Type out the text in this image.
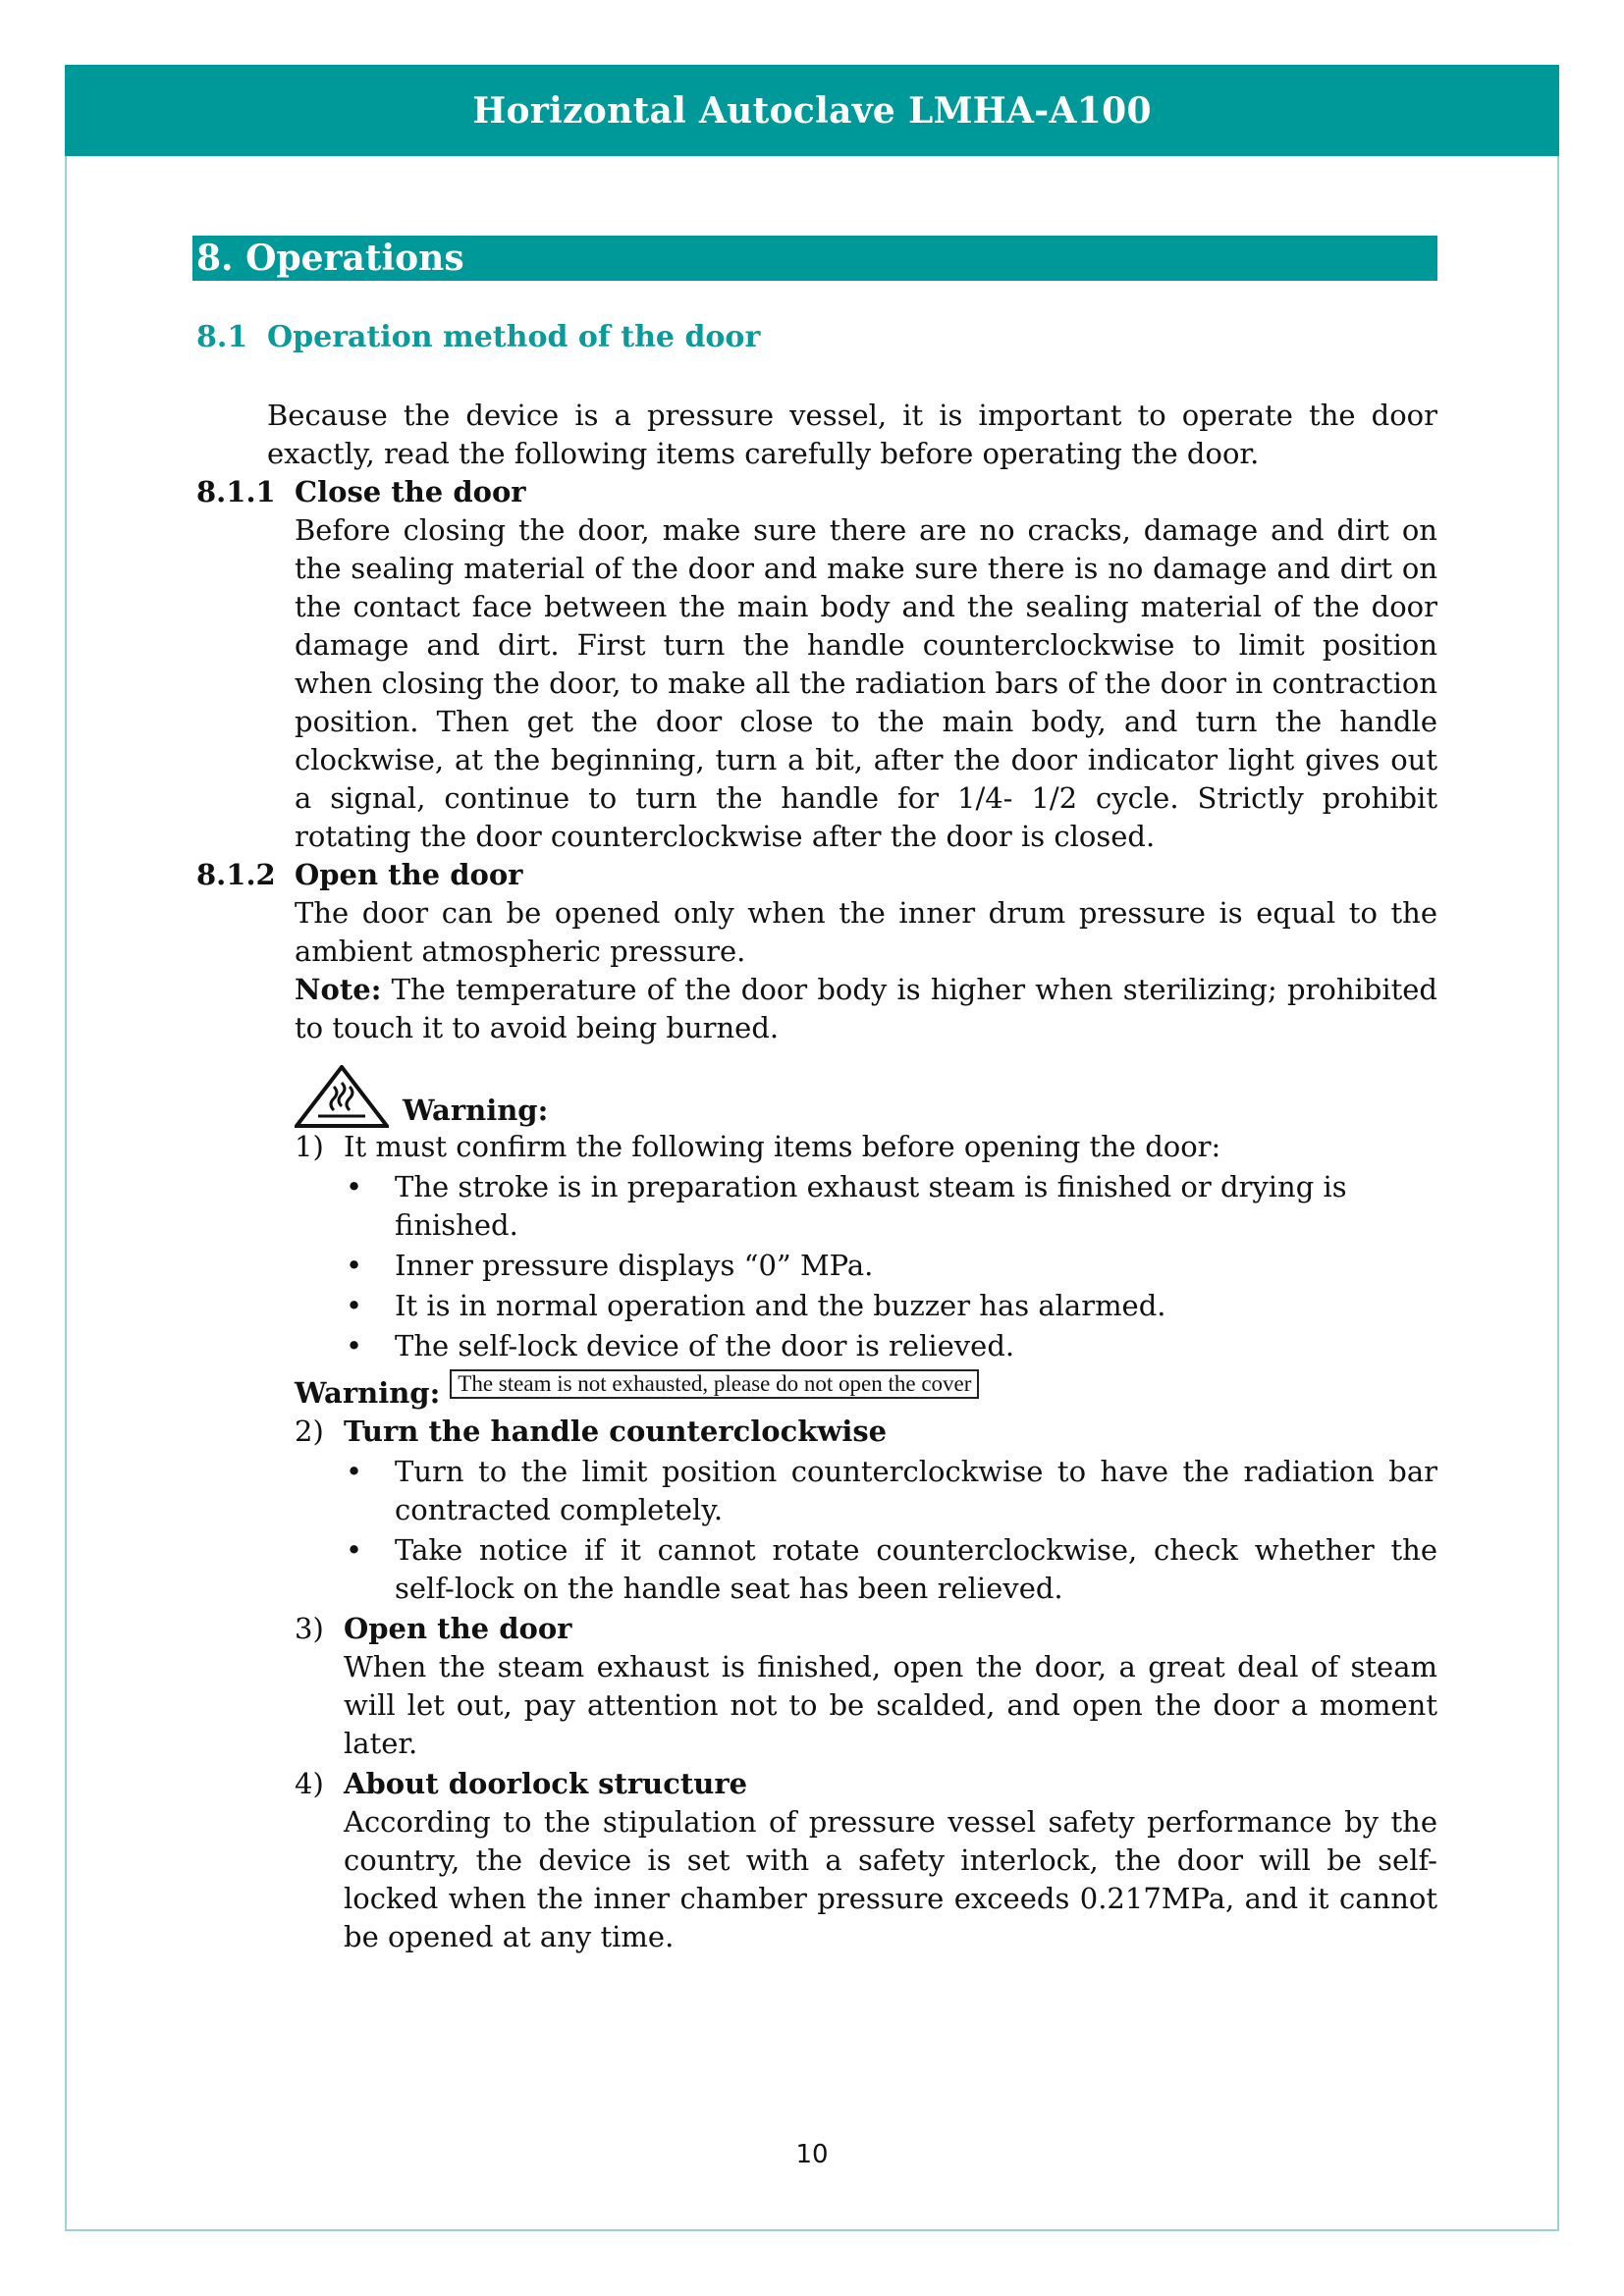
Horizontal Autoclave LMHA-A100
8. Operations
8.1 Operation method of the door

Because the device is a pressure vessel, it is important to operate the door exactly, read the following items carefully before operating the door.

8.1.1 Close the door

Before closing the door, make sure there are no cracks, damage and dirt on the sealing material of the door and make sure there is no damage and dirt on the contact face between the main body and the sealing material of the door damage and dirt. First turn the handle counterclockwise to limit position when closing the door, to make all the radiation bars of the door in contraction position. Then get the door close to the main body, and turn the handle clockwise, at the beginning, turn a bit, after the door indicator light gives out a signal, continue to turn the handle for 1/4- 1/2 cycle. Strictly prohibit rotating the door counterclockwise after the door is closed.

8.1.2 Open the door

The door can be opened only when the inner drum pressure is equal to the ambient atmospheric pressure.

Note: The temperature of the door body is higher when sterilizing; prohibited to touch it to avoid being burned.

Warning:
1) It must confirm the following items before opening the door:

•	The stroke is in preparation exhaust steam is finished or drying is finished.
•	Inner pressure displays “0” MPa.
•	It is in normal operation and the buzzer has alarmed.
•	The self-lock device of the door is relieved.
Warning: The steam is not exhausted, please do not open the cover
2) Turn the handle counterclockwise

•	Turn to the limit position counterclockwise to have the radiation bar contracted completely.
•	Take notice if it cannot rotate counterclockwise, check whether the self-lock on the handle seat has been relieved.
3) Open the door

When the steam exhaust is finished, open the door, a great deal of steam will let out, pay attention not to be scalded, and open the door a moment later.

4) About doorlock structure

According to the stipulation of pressure vessel safety performance by the country, the device is set with a safety interlock, the door will be self-locked when the inner chamber pressure exceeds 0.217MPa, and it cannot be opened at any time.

10
